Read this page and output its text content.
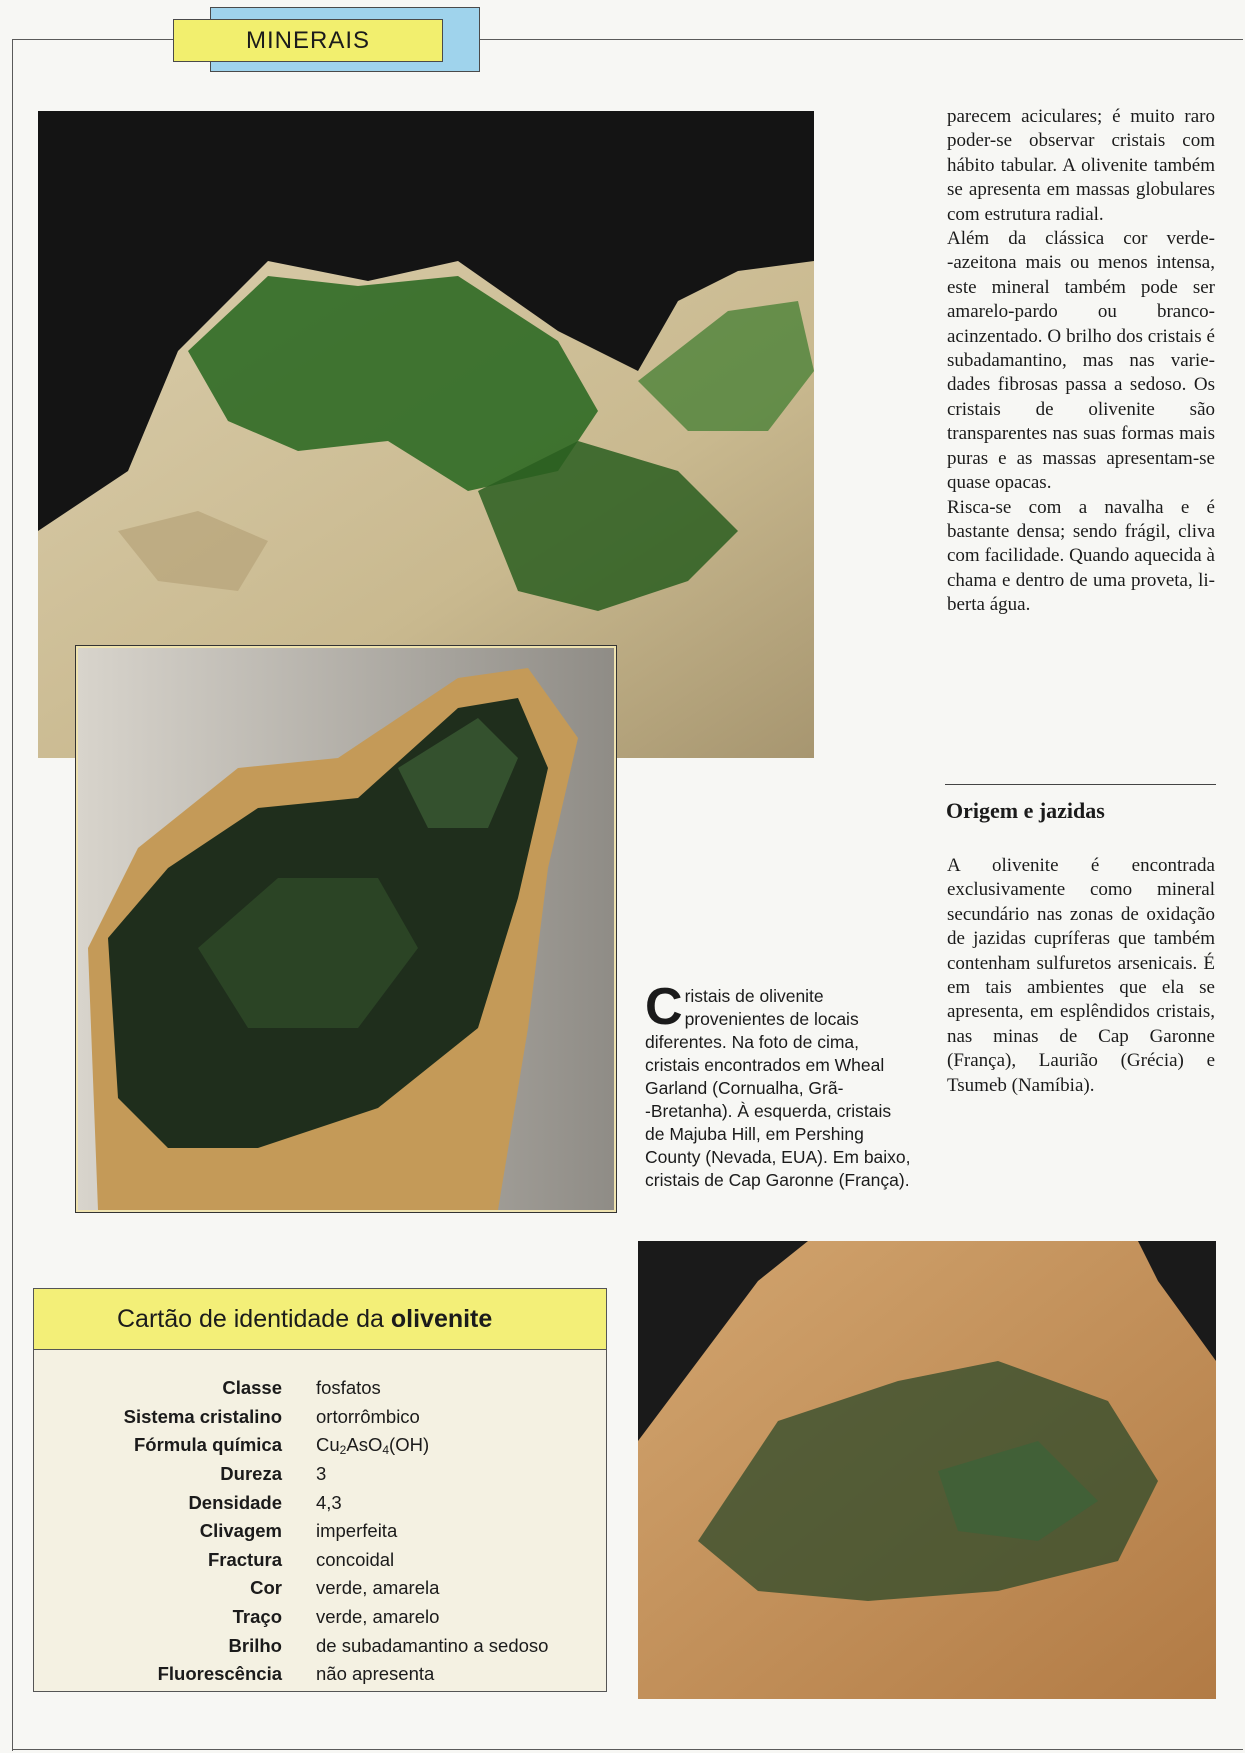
MINERAIS

parecem aciculares; é muito raro poder-se observar cristais com hábito tabular. A olivenite também se apresenta em massas globulares com estrutura radial.

Além da clássica cor verde-‑azeitona mais ou menos intensa, este mineral também pode ser amarelo-pardo ou branco-acinzentado. O brilho dos cristais é subadamantino, mas nas variedades fibrosas passa a sedoso. Os cristais de olivenite são transparentes nas suas formas mais puras e as massas apresentam-se quase opacas.

Risca-se com a navalha e é bastante densa; sendo frágil, cliva com facilidade. Quando aquecida à chama e dentro de uma proveta, liberta água.

Origem e jazidas

A olivenite é encontrada exclusivamente como mineral secundário nas zonas de oxidação de jazidas cupríferas que também contenham sulfuretos arsenicais. É em tais ambientes que ela se apresenta, em esplêndidos cristais, nas minas de Cap Garonne (França), Laurião (Grécia) e Tsumeb (Namíbia).

Cristais de olivenite provenientes de locais diferentes. Na foto de cima, cristais encontrados em Wheal Garland (Cornualha, Grã-‑Bretanha). À esquerda, cristais de Majuba Hill, em Pershing County (Nevada, EUA). Em baixo, cristais de Cap Garonne (França).
Cartão de identidade da olivenite
Classe	fosfatos
Sistema cristalino	ortorrômbico
Fórmula química	$Cu_2AsO_4(OH)$
Dureza	3
Densidade	4,3
Clivagem	imperfeita
Fractura	concoidal
Cor	verde, amarela
Traço	verde, amarelo
Brilho	de subadamantino a sedoso
Fluorescência	não apresenta
